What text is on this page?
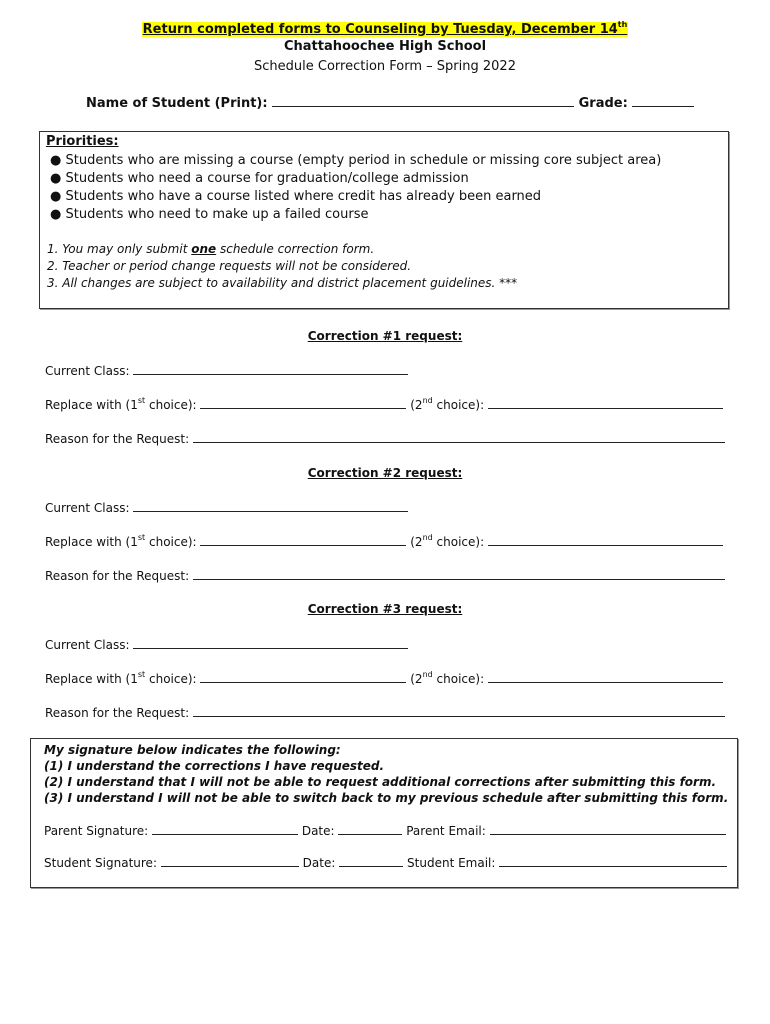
Return completed forms to Counseling by Tuesday, December 14th
Chattahoochee High School
Schedule Correction Form – Spring 2022
Name of Student (Print):	Grade:
Priorities:
● Students who are missing a course (empty period in schedule or missing core subject area)
● Students who need a course for graduation/college admission
● Students who have a course listed where credit has already been earned
● Students who need to make up a failed course
1. You may only submit one schedule correction form.
2. Teacher or period change requests will not be considered.
3. All changes are subject to availability and district placement guidelines. ***
Correction #1 request:
Current Class:
Replace with (1st choice):	(2nd choice):
Reason for the Request:
Correction #2 request:
Current Class:
Replace with (1st choice):	(2nd choice):
Reason for the Request:
Correction #3 request:
Current Class:
Replace with (1st choice):	(2nd choice):
Reason for the Request:
My signature below indicates the following:
(1) I understand the corrections I have requested.
(2) I understand that I will not be able to request additional corrections after submitting this form.
(3) I understand I will not be able to switch back to my previous schedule after submitting this form.
Parent Signature:	Date:	Parent Email:
Student Signature:	Date:	Student Email:
